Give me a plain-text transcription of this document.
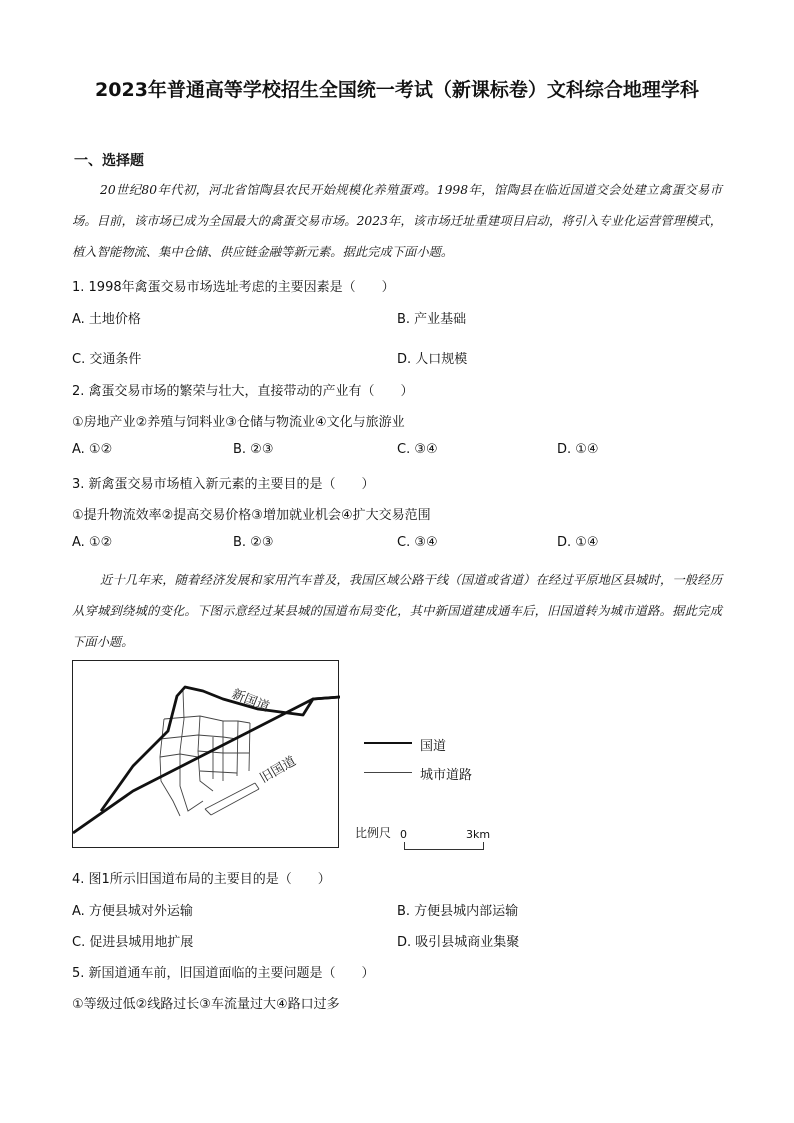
2023年普通高等学校招生全国统一考试（新课标卷）文科综合地理学科

一、选择题

20世纪80年代初，河北省馆陶县农民开始规模化养殖蛋鸡。1998年，馆陶县在临近国道交会处建立禽蛋交易市场。目前，该市场已成为全国最大的禽蛋交易市场。2023年，该市场迁址重建项目启动，将引入专业化运营管理模式，植入智能物流、集中仓储、供应链金融等新元素。据此完成下面小题。

1. 1998年禽蛋交易市场选址考虑的主要因素是（　　）

A. 土地价格	B. 产业基础

C. 交通条件	D. 人口规模

2. 禽蛋交易市场的繁荣与壮大，直接带动的产业有（　　）

①房地产业②养殖与饲料业③仓储与物流业④文化与旅游业

A. ①②	B. ②③	C. ③④	D. ①④

3. 新禽蛋交易市场植入新元素的主要目的是（　　）

①提升物流效率②提高交易价格③增加就业机会④扩大交易范围

A. ①②	B. ②③	C. ③④	D. ①④

近十几年来，随着经济发展和家用汽车普及，我国区域公路干线（国道或省道）在经过平原地区县城时，一般经历从穿城到绕城的变化。下图示意经过某县城的国道布局变化，其中新国道建成通车后，旧国道转为城市道路。据此完成下面小题。

新国道
旧国道
国道
城市道路
比例尺 0	3km

4. 图1所示旧国道布局的主要目的是（　　）

A. 方便县城对外运输	B. 方便县城内部运输

C. 促进县城用地扩展	D. 吸引县城商业集聚

5. 新国道通车前，旧国道面临的主要问题是（　　）

①等级过低②线路过长③车流量过大④路口过多
